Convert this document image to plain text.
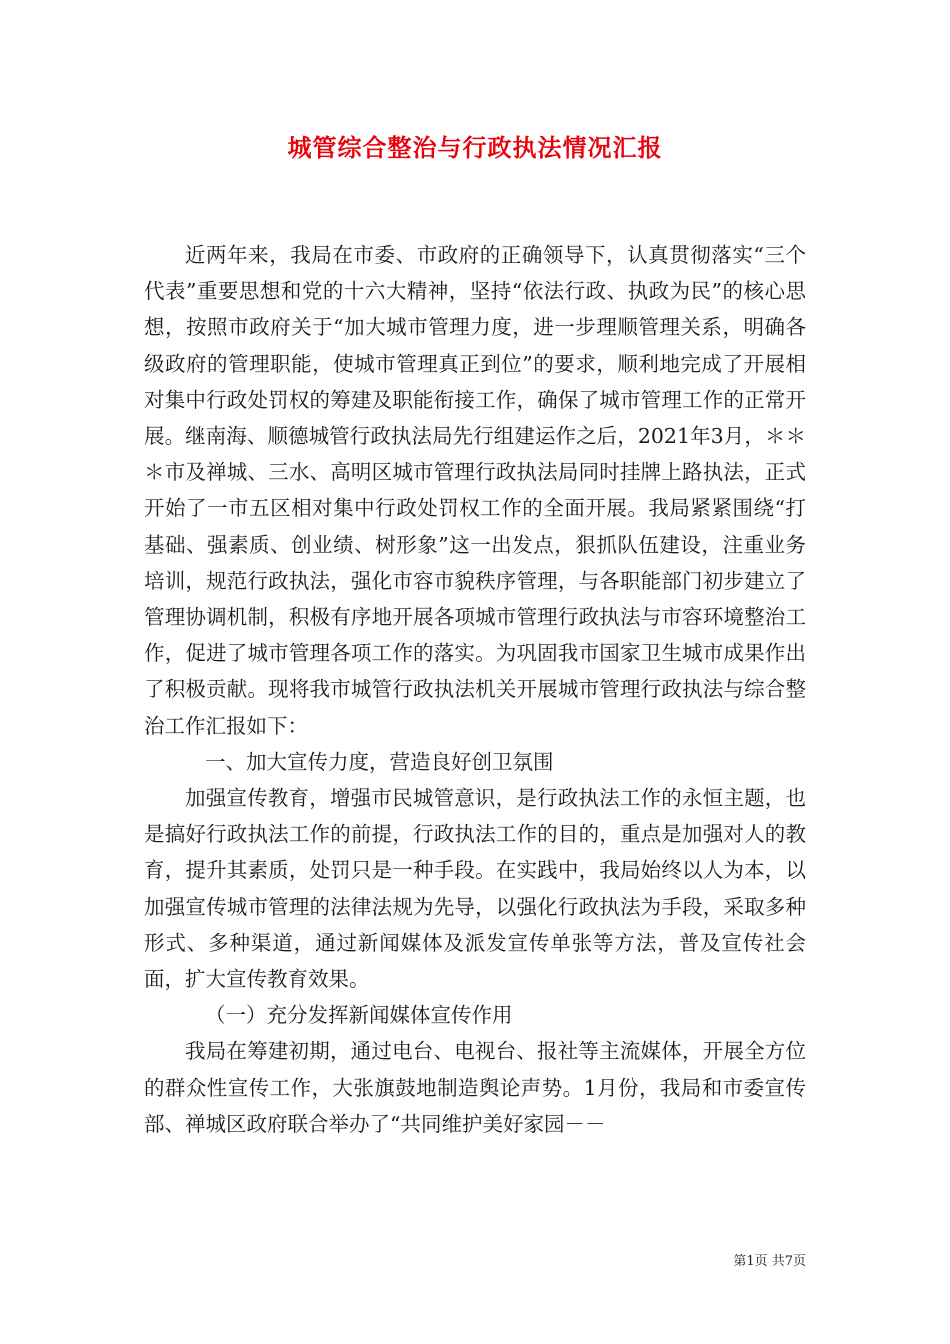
城管综合整治与行政执法情况汇报

近两年来，我局在市委、市政府的正确领导下，认真贯彻落实“三个代表”重要思想和党的十六大精神，坚持“依法行政、执政为民”的核心思想，按照市政府关于“加大城市管理力度，进一步理顺管理关系，明确各级政府的管理职能，使城市管理真正到位”的要求，顺利地完成了开展相对集中行政处罚权的筹建及职能衔接工作，确保了城市管理工作的正常开展。继南海、顺德城管行政执法局先行组建运作之后，2021年3月，＊＊＊市及禅城、三水、高明区城市管理行政执法局同时挂牌上路执法，正式开始了一市五区相对集中行政处罚权工作的全面开展。我局紧紧围绕“打基础、强素质、创业绩、树形象”这一出发点，狠抓队伍建设，注重业务培训，规范行政执法，强化市容市貌秩序管理，与各职能部门初步建立了管理协调机制，积极有序地开展各项城市管理行政执法与市容环境整治工作，促进了城市管理各项工作的落实。为巩固我市国家卫生城市成果作出了积极贡献。现将我市城管行政执法机关开展城市管理行政执法与综合整治工作汇报如下：

一、加大宣传力度，营造良好创卫氛围

加强宣传教育，增强市民城管意识，是行政执法工作的永恒主题，也是搞好行政执法工作的前提，行政执法工作的目的，重点是加强对人的教育，提升其素质，处罚只是一种手段。在实践中，我局始终以人为本，以加强宣传城市管理的法律法规为先导，以强化行政执法为手段，采取多种形式、多种渠道，通过新闻媒体及派发宣传单张等方法，普及宣传社会面，扩大宣传教育效果。

（一）充分发挥新闻媒体宣传作用

我局在筹建初期，通过电台、电视台、报社等主流媒体，开展全方位的群众性宣传工作，大张旗鼓地制造舆论声势。1月份，我局和市委宣传部、禅城区政府联合举办了“共同维护美好家园－－

第1页 共7页
